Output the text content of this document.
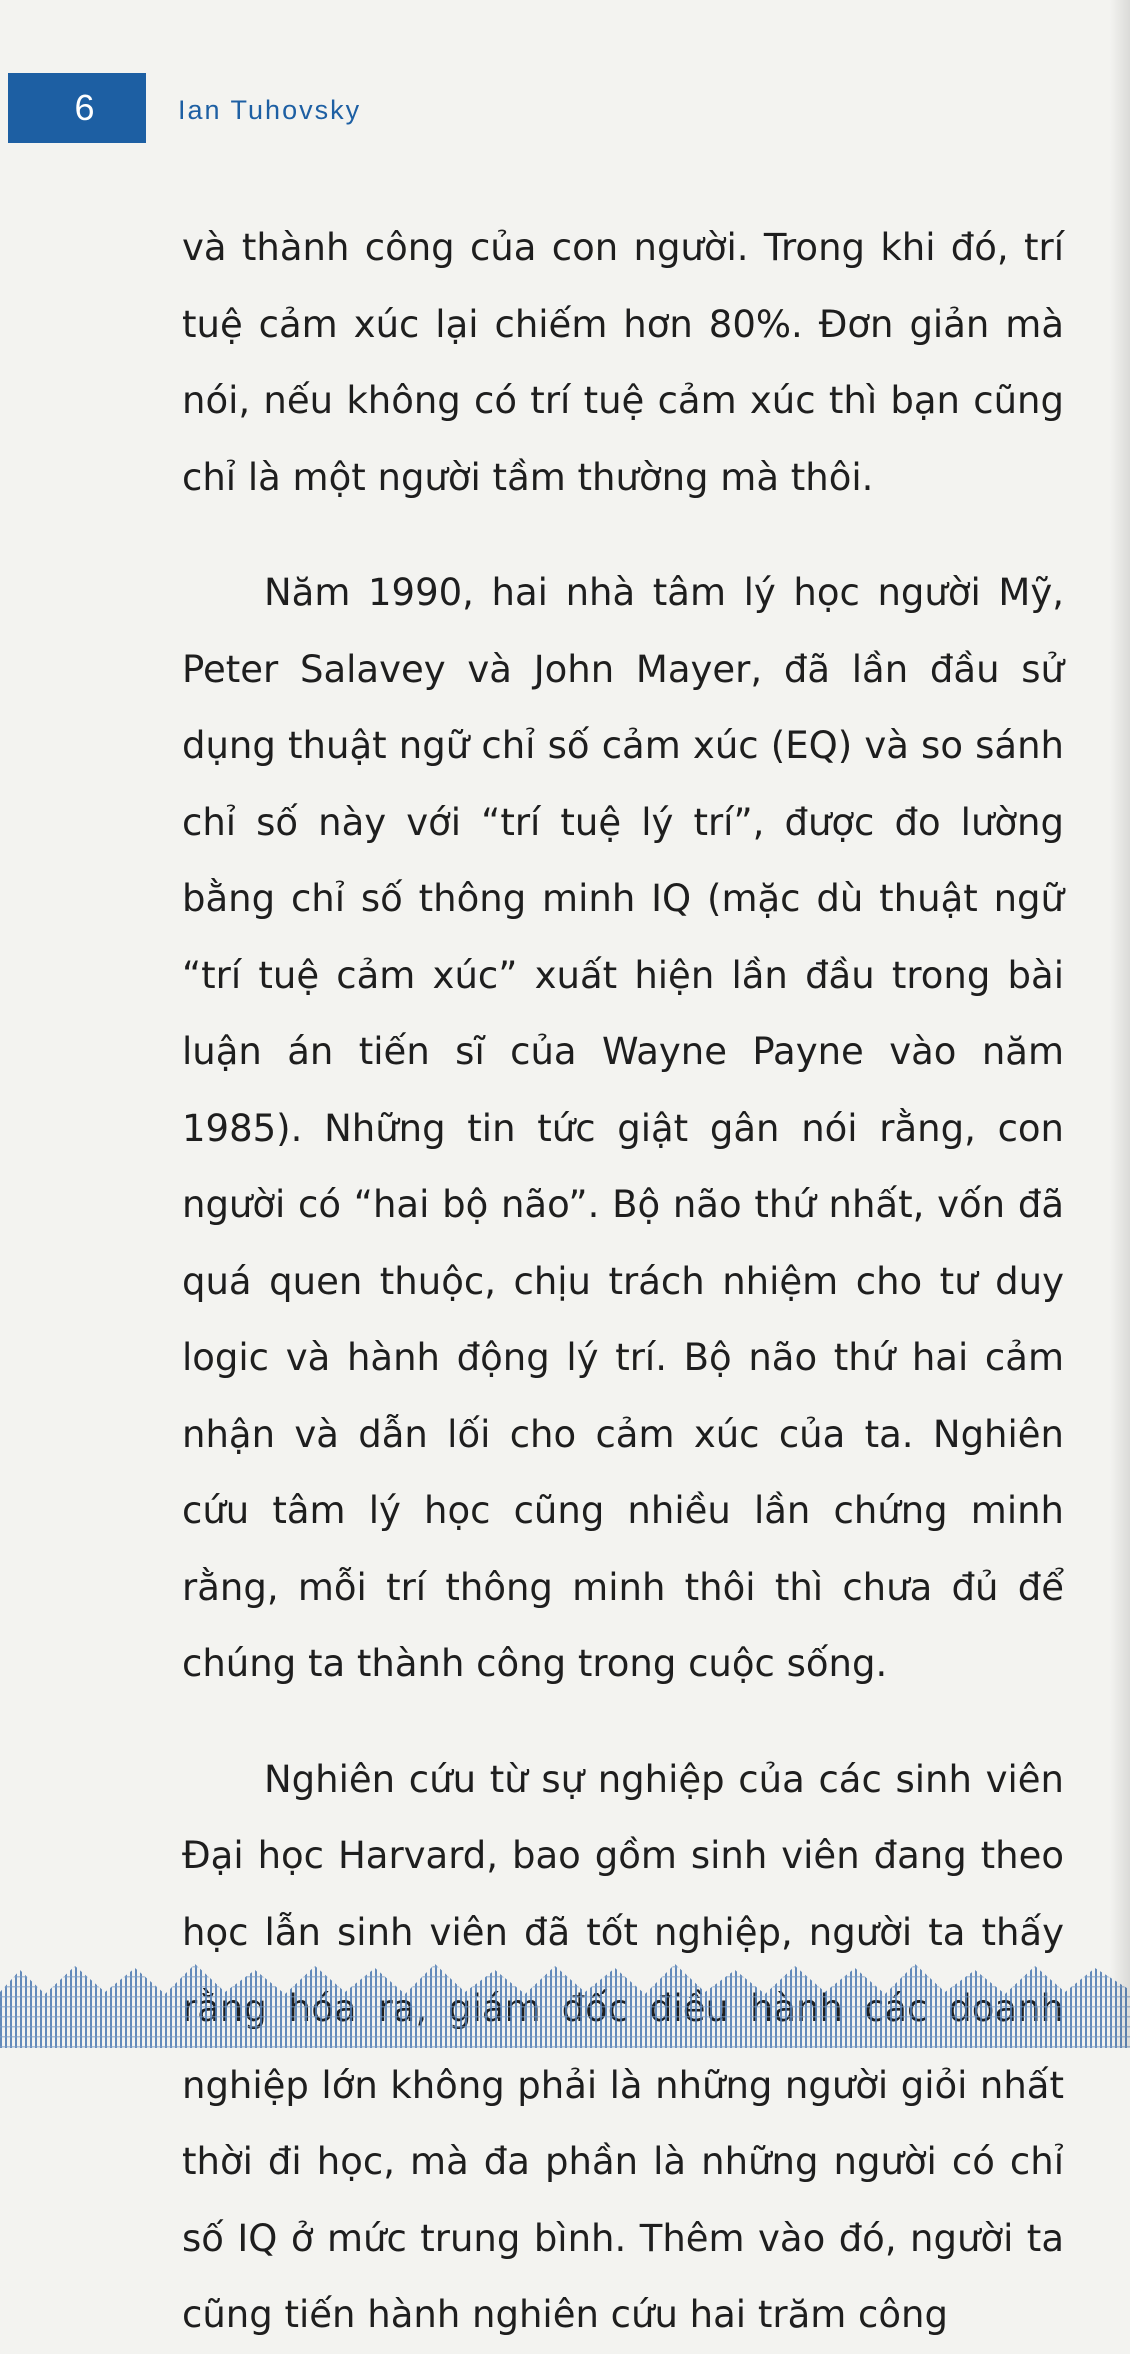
6	Ian Tuhovsky

và thành công của con người. Trong khi đó, trí tuệ cảm xúc lại chiếm hơn 80%. Đơn giản mà nói, nếu không có trí tuệ cảm xúc thì bạn cũng chỉ là một người tầm thường mà thôi.

Năm 1990, hai nhà tâm lý học người Mỹ, Peter Salavey và John Mayer, đã lần đầu sử dụng thuật ngữ chỉ số cảm xúc (EQ) và so sánh chỉ số này với “trí tuệ lý trí”, được đo lường bằng chỉ số thông minh IQ (mặc dù thuật ngữ “trí tuệ cảm xúc” xuất hiện lần đầu trong bài luận án tiến sĩ của Wayne Payne vào năm 1985). Những tin tức giật gân nói rằng, con người có “hai bộ não”. Bộ não thứ nhất, vốn đã quá quen thuộc, chịu trách nhiệm cho tư duy logic và hành động lý trí. Bộ não thứ hai cảm nhận và dẫn lối cho cảm xúc của ta. Nghiên cứu tâm lý học cũng nhiều lần chứng minh rằng, mỗi trí thông minh thôi thì chưa đủ để chúng ta thành công trong cuộc sống.

Nghiên cứu từ sự nghiệp của các sinh viên Đại học Harvard, bao gồm sinh viên đang theo học lẫn sinh viên đã tốt nghiệp, người ta thấy nghiệp lớn không phải là những người giỏi nhất thời đi học, mà đa phần là những người có chỉ số IQ ở mức trung bình. Thêm vào đó, người ta cũng tiến hành nghiên cứu hai trăm công
